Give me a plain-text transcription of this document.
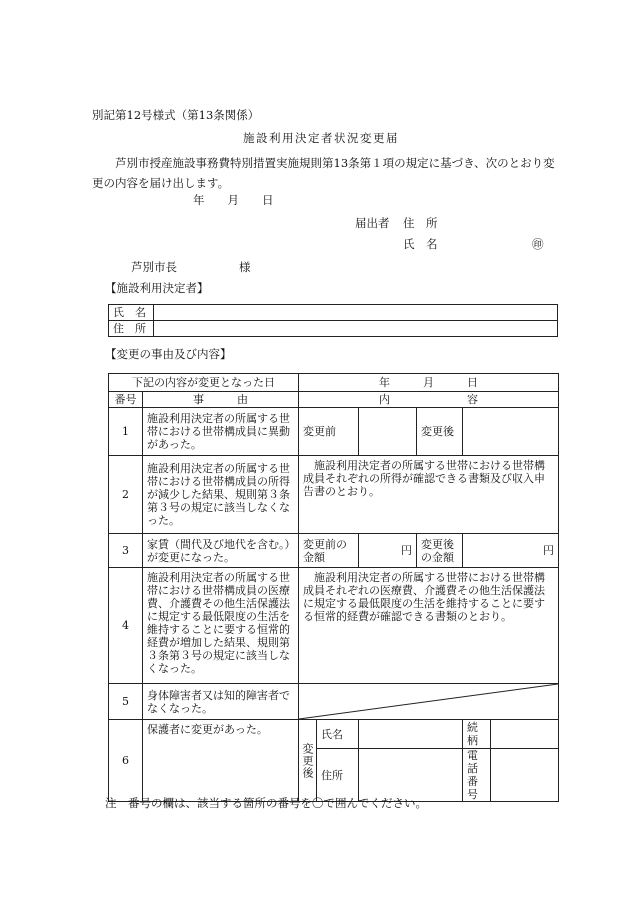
別記第12号様式（第13条関係）
施設利用決定者状況変更届
芦別市授産施設事務費特別措置実施規則第13条第１項の規定に基づき、次のとおり変更の内容を届け出します。
年　　月　　日
届出者 住　所
氏　名	㊞
芦別市長	様
【施設利用決定者】
氏　名	
住　所	
【変更の事由及び内容】
下記の内容が変更となった日		年　　　月　　　日					
番号	事　　　由	内　　　　　　　容					
1	施設利用決定者の所属する世帯における世帯構成員に異動があった。	変更前			変更後		
2	施設利用決定者の所属する世帯における世帯構成員の所得が減少した結果、規則第３条第３号の規定に該当しなくなった。	施設利用決定者の所属する世帯における世帯構成員それぞれの所得が確認できる書類及び収入申告書のとおり。					
3	家賃（間代及び地代を含む。）が変更になった。	変更前の金額		円	変更後の金額	円	
4	施設利用決定者の所属する世帯における世帯構成員の医療費、介護費その他生活保護法に規定する最低限度の生活を維持することに要する恒常的経費が増加した結果、規則第３条第３号の規定に該当しなくなった。	施設利用決定者の所属する世帯における世帯構成員それぞれの医療費、介護費その他生活保護法に規定する最低限度の生活を維持することに要する恒常的経費が確認できる書類のとおり。					
5	身体障害者又は知的障害者でなくなった。	

6	保護者に変更があった。	変更後	氏名			続柄	
			住所			電話番号	
注　番号の欄は、該当する箇所の番号を〇で囲んでください。
